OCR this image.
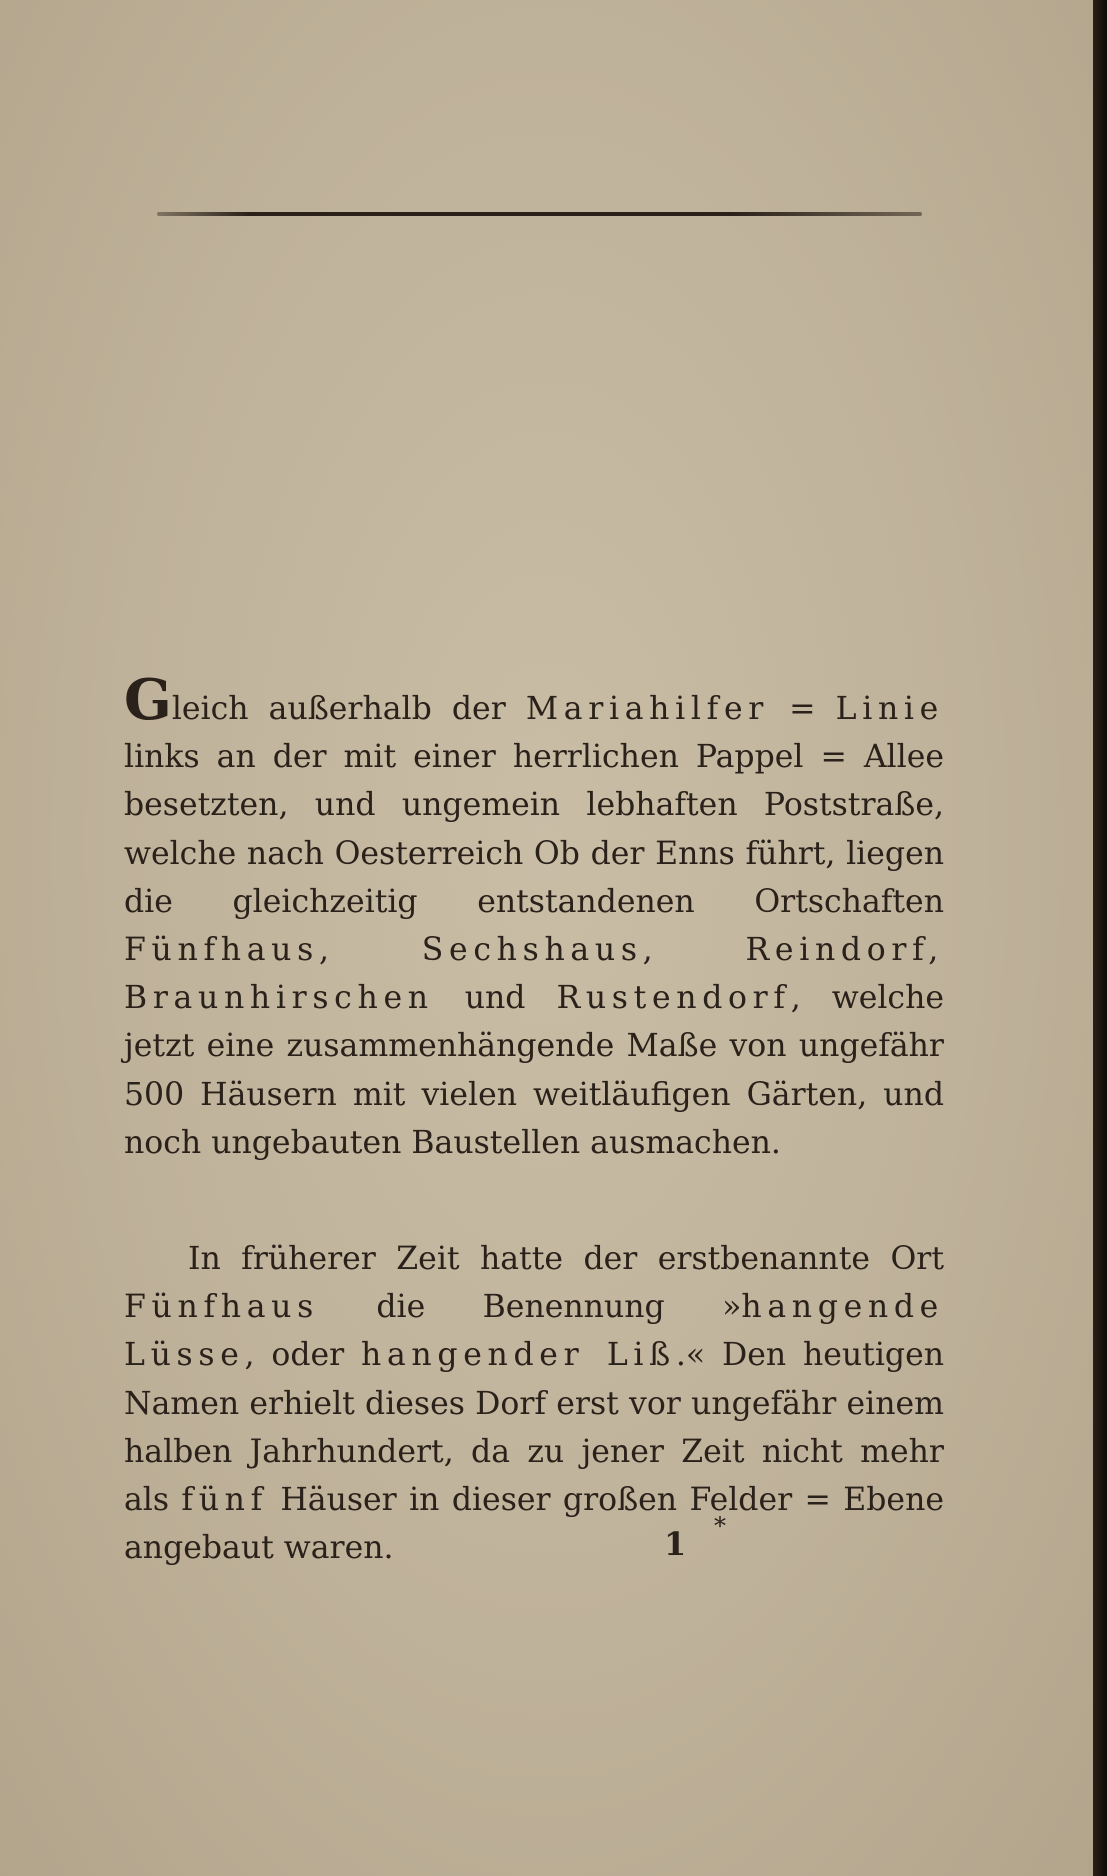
Gleich außerhalb der Mariahilfer = Linie links an der mit einer herrlichen Pappel = Allee besetzten, und ungemein lebhaften Poststraße, welche nach Oesterreich Ob der Enns führt, liegen die gleichzeitig entstandenen Ortschaften Fünfhaus, Sechshaus, Reindorf, Braunhirschen und Rustendorf, welche jetzt eine zusammenhängende Maße von ungefähr 500 Häusern mit vielen weitläufigen Gärten, und noch ungebauten Baustellen ausmachen.

In früherer Zeit hatte der erstbenannte Ort Fünfhaus die Benennung »hangende Lüsse, oder hangender Liß.« Den heutigen Namen erhielt dieses Dorf erst vor ungefähr einem halben Jahrhundert, da zu jener Zeit nicht mehr als fünf Häuser in dieser großen Felder = Ebene angebaut waren.	1 *
